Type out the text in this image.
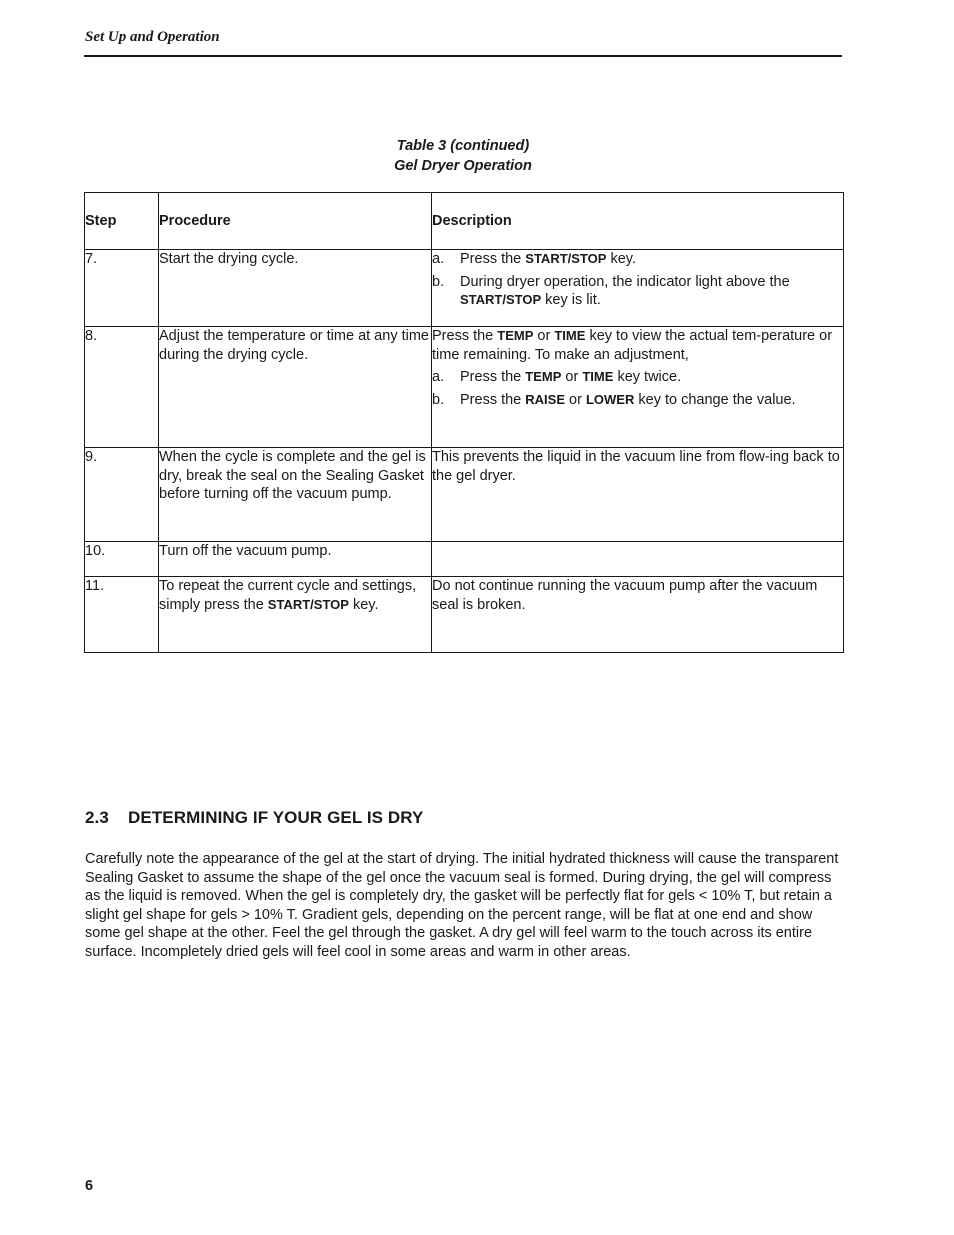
Set Up and Operation
Table 3 (continued)
Gel Dryer Operation
Step	Procedure	Description
7.	Start the drying cycle.	a. Press the START/STOP key.
b. During dryer operation, the indicator light above the START/STOP key is lit.

8.	Adjust the temperature or time at any time during the drying cycle.	Press the TEMP or TIME key to view the actual tem-perature or time remaining. To make an adjustment,
a. Press the TEMP or TIME key twice.
b. Press the RAISE or LOWER key to change the value.

9.	When the cycle is complete and the gel is dry, break the seal on the Sealing Gasket before turning off the vacuum pump.	This prevents the liquid in the vacuum line from flow-ing back to the gel dryer.
10.	Turn off the vacuum pump.	
11.	To repeat the current cycle and settings, simply press the START/STOP key.	Do not continue running the vacuum pump after the vacuum seal is broken.
2.3 DETERMINING IF YOUR GEL IS DRY
Carefully note the appearance of the gel at the start of drying. The initial hydrated thickness will cause the transparent Sealing Gasket to assume the shape of the gel once the vacuum seal is formed. During drying, the gel will compress as the liquid is removed. When the gel is completely dry, the gasket will be perfectly flat for gels < 10% T, but retain a slight gel shape for gels > 10% T. Gradient gels, depending on the percent range, will be flat at one end and show some gel shape at the other. Feel the gel through the gasket. A dry gel will feel warm to the touch across its entire surface. Incompletely dried gels will feel cool in some areas and warm in other areas.
6
